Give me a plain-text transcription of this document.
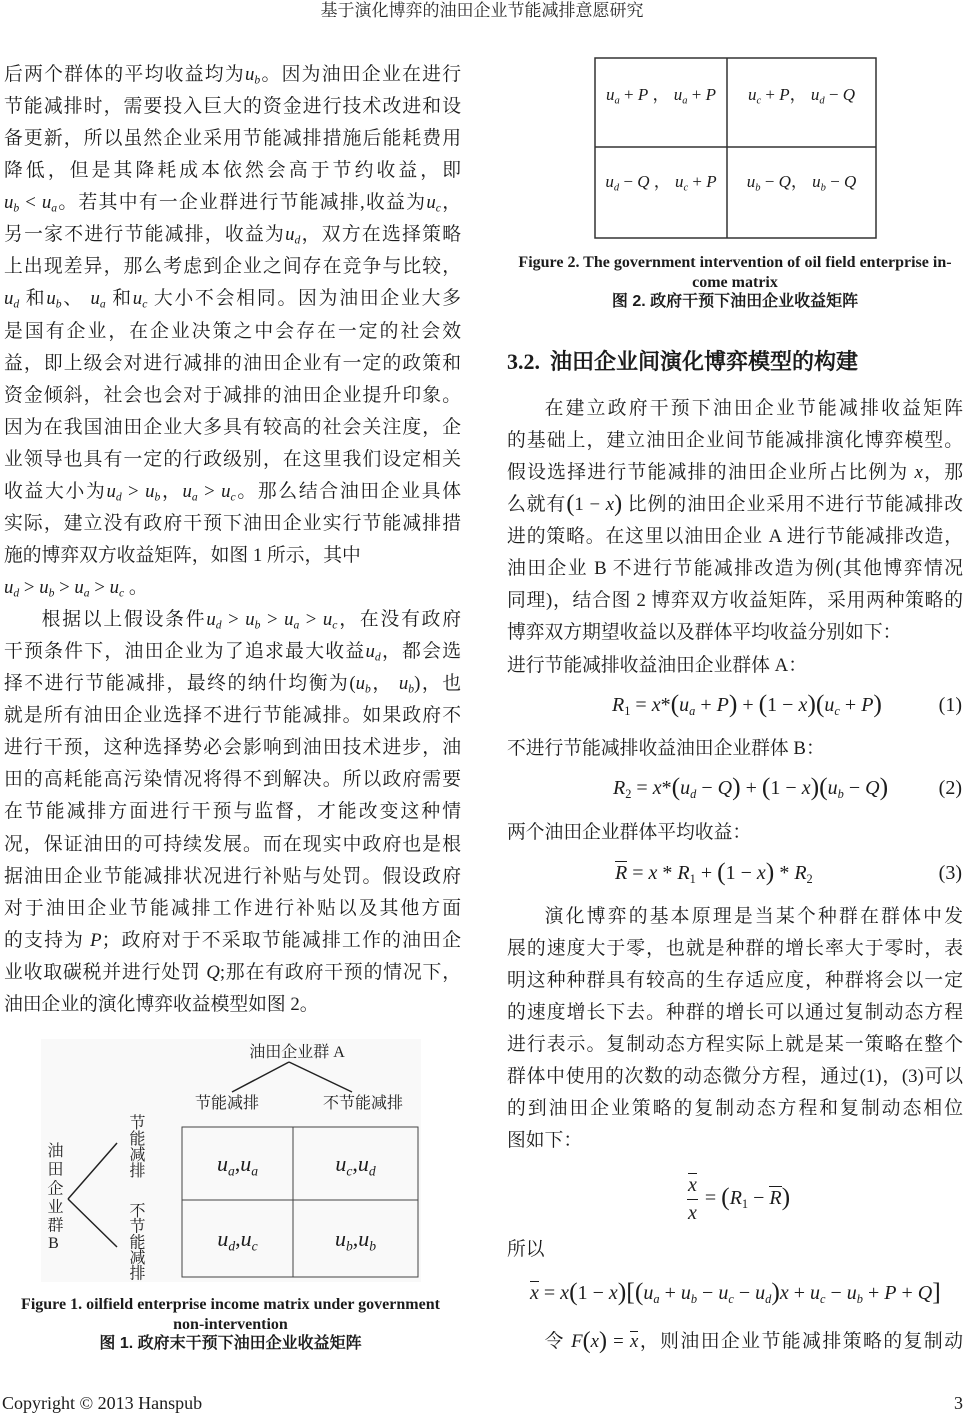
基于演化博弈的油田企业节能减排意愿研究
后两个群体的平均收益均为ub。因为油田企业在进行
节能减排时，需要投入巨大的资金进行技术改进和设
备更新，所以虽然企业采用节能减排措施后能耗费用
降低，但是其降耗成本依然会高于节约收益，即
ub < ua。若其中有一企业群进行节能减排,收益为uc，
另一家不进行节能减排，收益为ud，双方在选择策略
上出现差异，那么考虑到企业之间存在竞争与比较，
ud 和ub、 ua 和uc 大小不会相同。因为油田企业大多
是国有企业，在企业决策之中会存在一定的社会效
益，即上级会对进行减排的油田企业有一定的政策和
资金倾斜，社会也会对于减排的油田企业提升印象。
因为在我国油田企业大多具有较高的社会关注度，企
业领导也具有一定的行政级别，在这里我们设定相关
收益大小为ud > ub，ua > uc。那么结合油田企业具体
实际，建立没有政府干预下油田企业实行节能减排措
施的博弈双方收益矩阵，如图 1 所示，其中
ud > ub > ua > uc 。
根据以上假设条件ud > ub > ua > uc，在没有政府
干预条件下，油田企业为了追求最大收益ud，都会选
择不进行节能减排，最终的纳什均衡为(ub， ub)，也
就是所有油田企业选择不进行节能减排。如果政府不
进行干预，这种选择势必会影响到油田技术进步，油
田的高耗能高污染情况将得不到解决。所以政府需要
在节能减排方面进行干预与监督，才能改变这种情
况，保证油田的可持续发展。而在现实中政府也是根
据油田企业节能减排状况进行补贴与处罚。假设政府
对于油田企业节能减排工作进行补贴以及其他方面
的支持为 P；政府对于不采取节能减排工作的油田企
业收取碳税并进行处罚 Q;那在有政府干预的情况下，
油田企业的演化博弈收益模型如图 2。
油田企业群 A
节能减排	不节能减排
油田企业群B	节能减排
不节能减排
ua,ua	uc,ud
ud,uc	ub,ub
Figure 1. oilfield enterprise income matrix under government
non-intervention
图 1. 政府末干预下油田企业收益矩阵
ua + P ， ua + P	uc + P， ud − Q
ud − Q ， uc + P	ub − Q， ub − Q
Figure 2. The government intervention of oil field enterprise in-
come matrix
图 2. 政府干预下油田企业收益矩阵
3.2. 油田企业间演化博弈模型的构建
在建立政府干预下油田企业节能减排收益矩阵
的基础上，建立油田企业间节能减排演化博弈模型。
假设选择进行节能减排的油田企业所占比例为 x，那
么就有(1 − x) 比例的油田企业采用不进行节能减排改
进的策略。在这里以油田企业 A 进行节能减排改造，
油田企业 B 不进行节能减排改造为例(其他博弈情况
同理)，结合图 2 博弈双方收益矩阵，采用两种策略的
博弈双方期望收益以及群体平均收益分别如下：
进行节能减排收益油田企业群体 A：
R1 = x*(ua + P) + (1 − x)(uc + P)	(1)
不进行节能减排收益油田企业群体 B：
R2 = x*(ud − Q) + (1 − x)(ub − Q)	(2)
两个油田企业群体平均收益：
R = x * R1 + (1 − x) * R2	(3)
演化博弈的基本原理是当某个种群在群体中发
展的速度大于零，也就是种群的增长率大于零时，表
明这种种群具有较高的生存适应度，种群将会以一定
的速度增长下去。种群的增长可以通过复制动态方程
进行表示。复制动态方程实际上就是某一策略在整个
群体中使用的次数的动态微分方程，通过(1)，(3)可以
的到油田企业策略的复制动态方程和复制动态相位
图如下：
$\frac{x}{x} = (R1 - R)$
所以
x = x(1 − x)[(ua + ub − uc − ud)x + uc − ub + P + Q]
令 F(x) = x，则油田企业节能减排策略的复制动
Copyright © 2013 Hanspub	3
